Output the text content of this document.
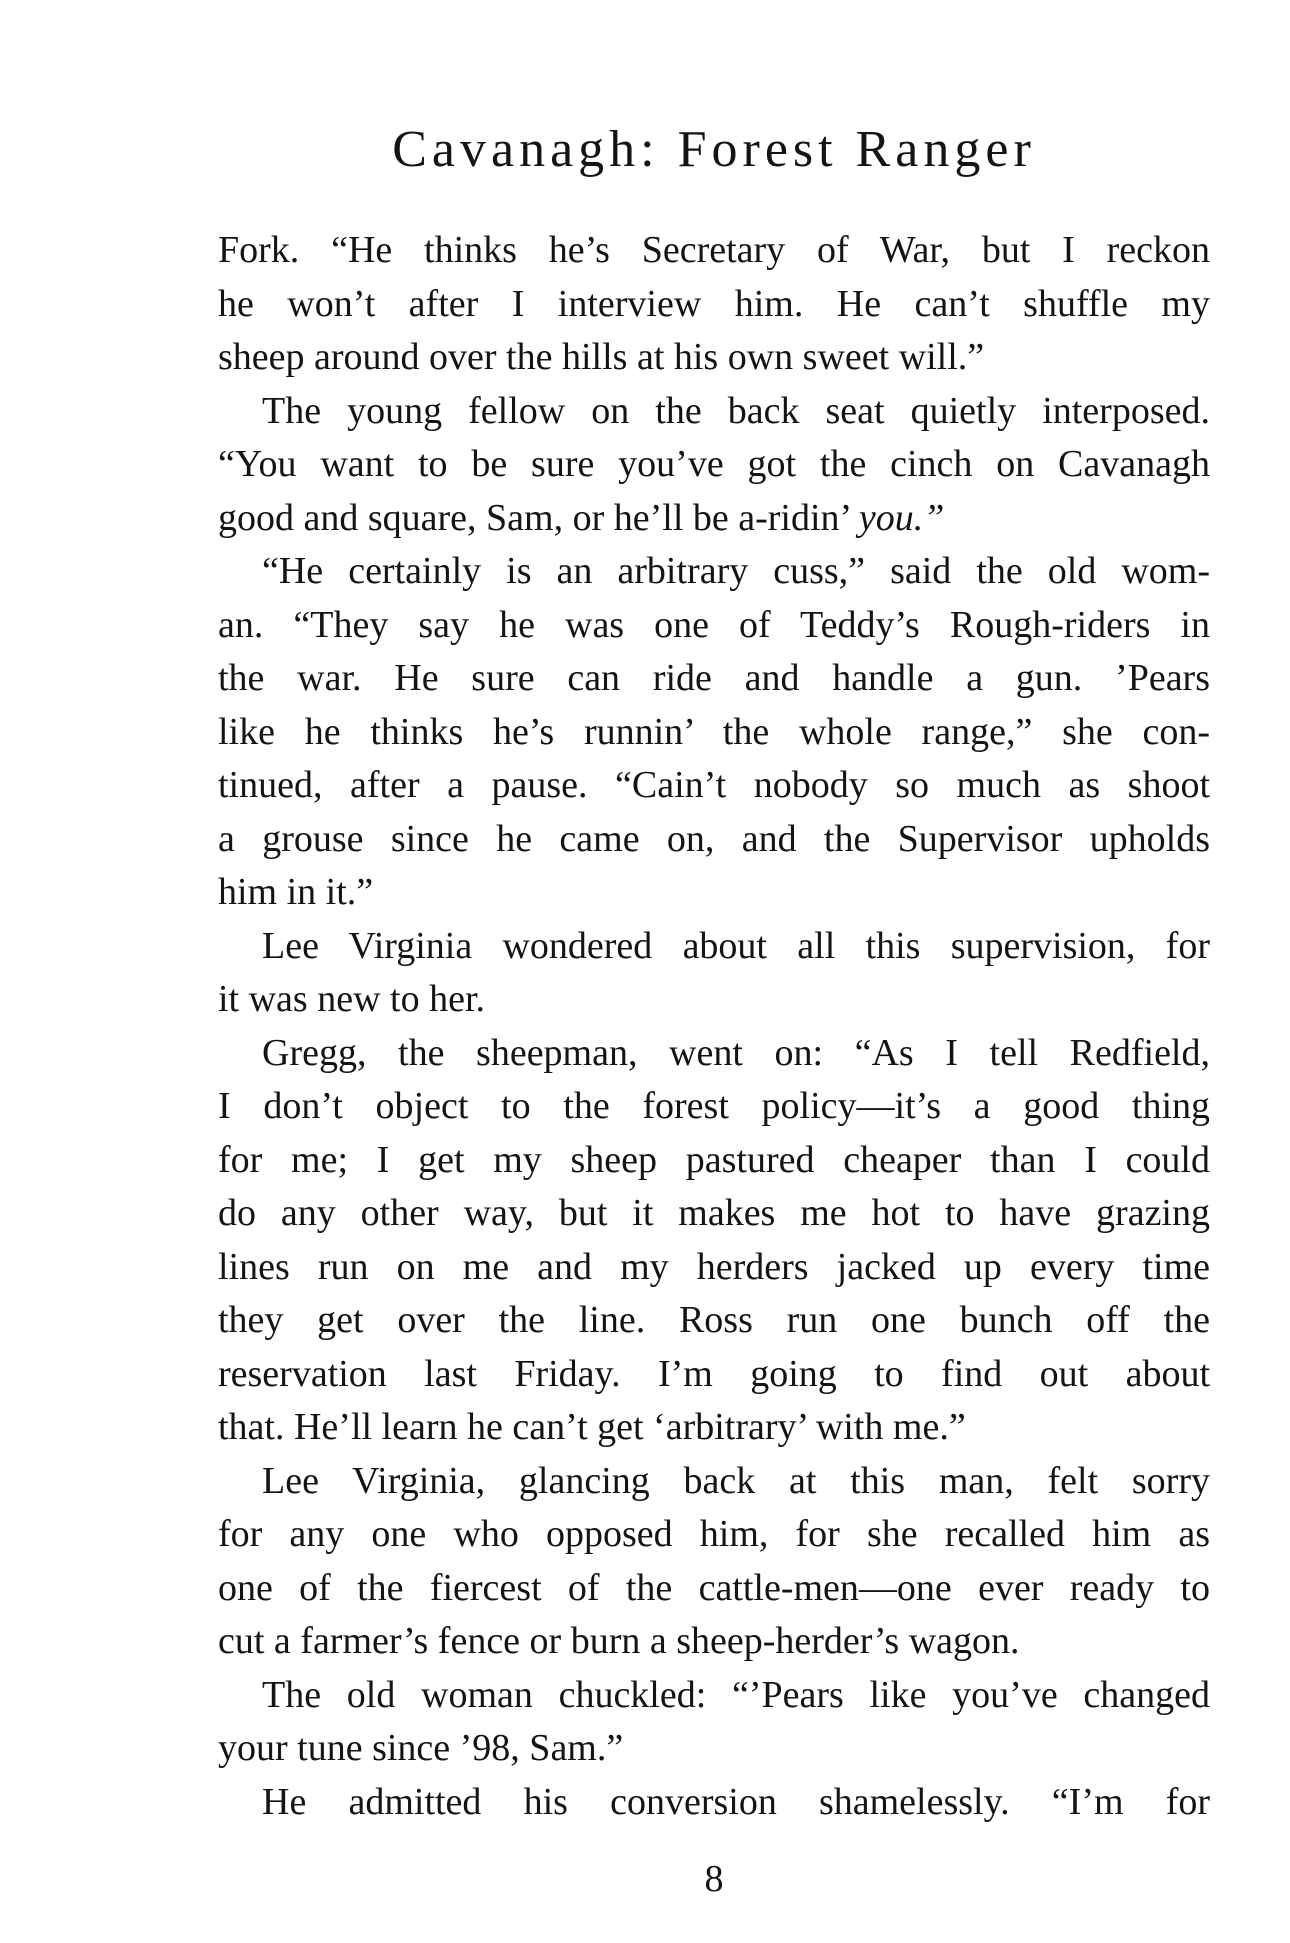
Cavanagh: Forest Ranger
Fork. “He thinks he’s Secretary of War, but I reckon
he won’t after I interview him. He can’t shuffle my
sheep around over the hills at his own sweet will.”
The young fellow on the back seat quietly interposed.
“You want to be sure you’ve got the cinch on Cavanagh
good and square, Sam, or he’ll be a-ridin’ you.”
“He certainly is an arbitrary cuss,” said the old wom-
an. “They say he was one of Teddy’s Rough-riders in
the war. He sure can ride and handle a gun. ’Pears
like he thinks he’s runnin’ the whole range,” she con-
tinued, after a pause. “Cain’t nobody so much as shoot
a grouse since he came on, and the Supervisor upholds
him in it.”
Lee Virginia wondered about all this supervision, for
it was new to her.
Gregg, the sheepman, went on: “As I tell Redfield,
I don’t object to the forest policy—it’s a good thing
for me; I get my sheep pastured cheaper than I could
do any other way, but it makes me hot to have grazing
lines run on me and my herders jacked up every time
they get over the line. Ross run one bunch off the
reservation last Friday. I’m going to find out about
that. He’ll learn he can’t get ‘arbitrary’ with me.”
Lee Virginia, glancing back at this man, felt sorry
for any one who opposed him, for she recalled him as
one of the fiercest of the cattle-men—one ever ready to
cut a farmer’s fence or burn a sheep-herder’s wagon.
The old woman chuckled: “’Pears like you’ve changed
your tune since ’98, Sam.”
He admitted his conversion shamelessly. “I’m for
8
